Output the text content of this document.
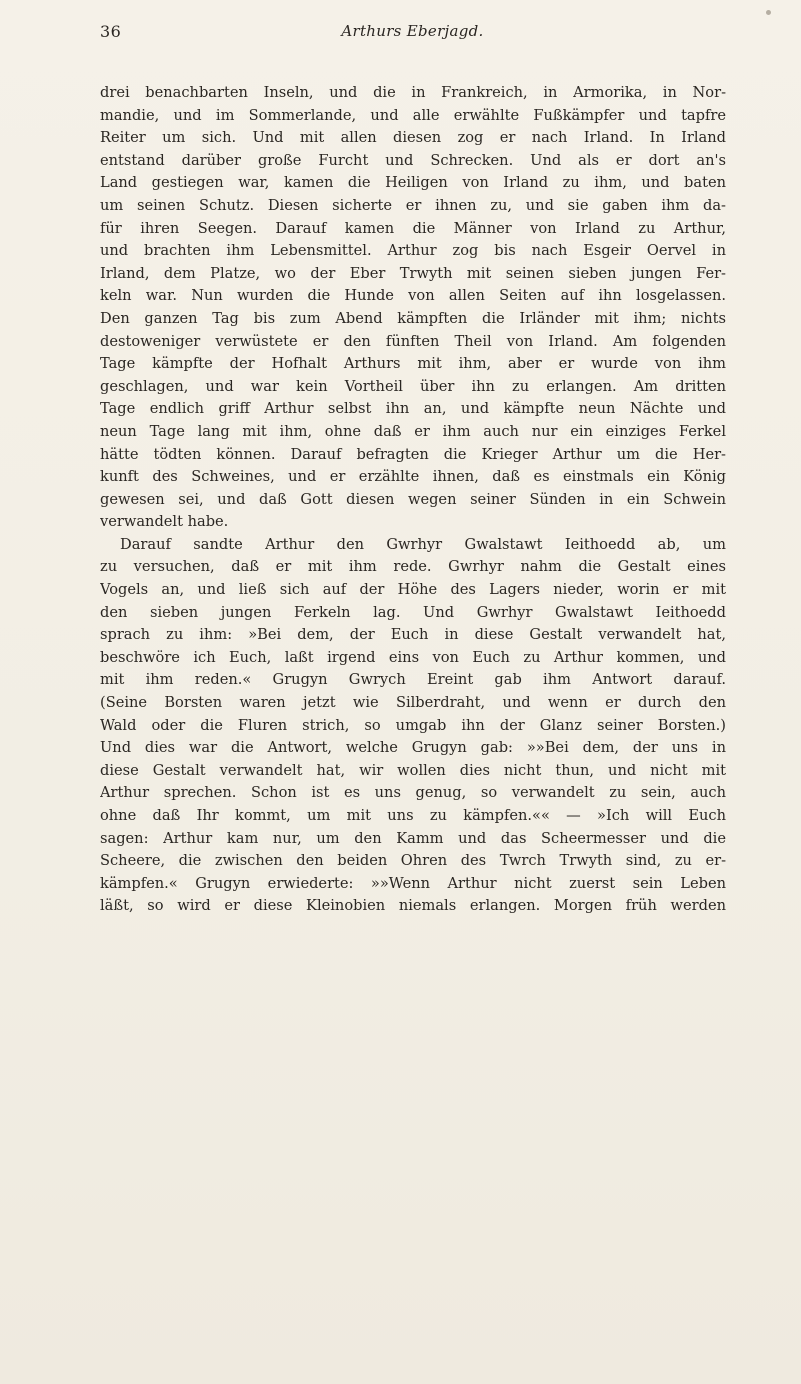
36	Arthurs Eberjagd.
drei benachbarten Inseln, und die in Frankreich, in Armorika, in Nor-
mandie, und im Sommerlande, und alle erwählte Fußkämpfer und tapfre
Reiter um sich. Und mit allen diesen zog er nach Irland. In Irland
entstand darüber große Furcht und Schrecken. Und als er dort an's
Land gestiegen war, kamen die Heiligen von Irland zu ihm, und baten
um seinen Schutz. Diesen sicherte er ihnen zu, und sie gaben ihm da-
für ihren Seegen. Darauf kamen die Männer von Irland zu Arthur,
und brachten ihm Lebensmittel. Arthur zog bis nach Esgeir Oervel in
Irland, dem Platze, wo der Eber Trwyth mit seinen sieben jungen Fer-
keln war. Nun wurden die Hunde von allen Seiten auf ihn losgelassen.
Den ganzen Tag bis zum Abend kämpften die Irländer mit ihm; nichts
destoweniger verwüstete er den fünften Theil von Irland. Am folgenden
Tage kämpfte der Hofhalt Arthurs mit ihm, aber er wurde von ihm
geschlagen, und war kein Vortheil über ihn zu erlangen. Am dritten
Tage endlich griff Arthur selbst ihn an, und kämpfte neun Nächte und
neun Tage lang mit ihm, ohne daß er ihm auch nur ein einziges Ferkel
hätte tödten können. Darauf befragten die Krieger Arthur um die Her-
kunft des Schweines, und er erzählte ihnen, daß es einstmals ein König
gewesen sei, und daß Gott diesen wegen seiner Sünden in ein Schwein
verwandelt habe.
Darauf sandte Arthur den Gwrhyr Gwalstawt Ieithoedd ab, um
zu versuchen, daß er mit ihm rede. Gwrhyr nahm die Gestalt eines
Vogels an, und ließ sich auf der Höhe des Lagers nieder, worin er mit
den sieben jungen Ferkeln lag. Und Gwrhyr Gwalstawt Ieithoedd
sprach zu ihm: »Bei dem, der Euch in diese Gestalt verwandelt hat,
beschwöre ich Euch, laßt irgend eins von Euch zu Arthur kommen, und
mit ihm reden.« Grugyn Gwrych Ereint gab ihm Antwort darauf.
(Seine Borsten waren jetzt wie Silberdraht, und wenn er durch den
Wald oder die Fluren strich, so umgab ihn der Glanz seiner Borsten.)
Und dies war die Antwort, welche Grugyn gab: »»Bei dem, der uns in
diese Gestalt verwandelt hat, wir wollen dies nicht thun, und nicht mit
Arthur sprechen. Schon ist es uns genug, so verwandelt zu sein, auch
ohne daß Ihr kommt, um mit uns zu kämpfen.«« — »Ich will Euch
sagen: Arthur kam nur, um den Kamm und das Scheermesser und die
Scheere, die zwischen den beiden Ohren des Twrch Trwyth sind, zu er-
kämpfen.« Grugyn erwiederte: »»Wenn Arthur nicht zuerst sein Leben
läßt, so wird er diese Kleinobien niemals erlangen. Morgen früh werden
